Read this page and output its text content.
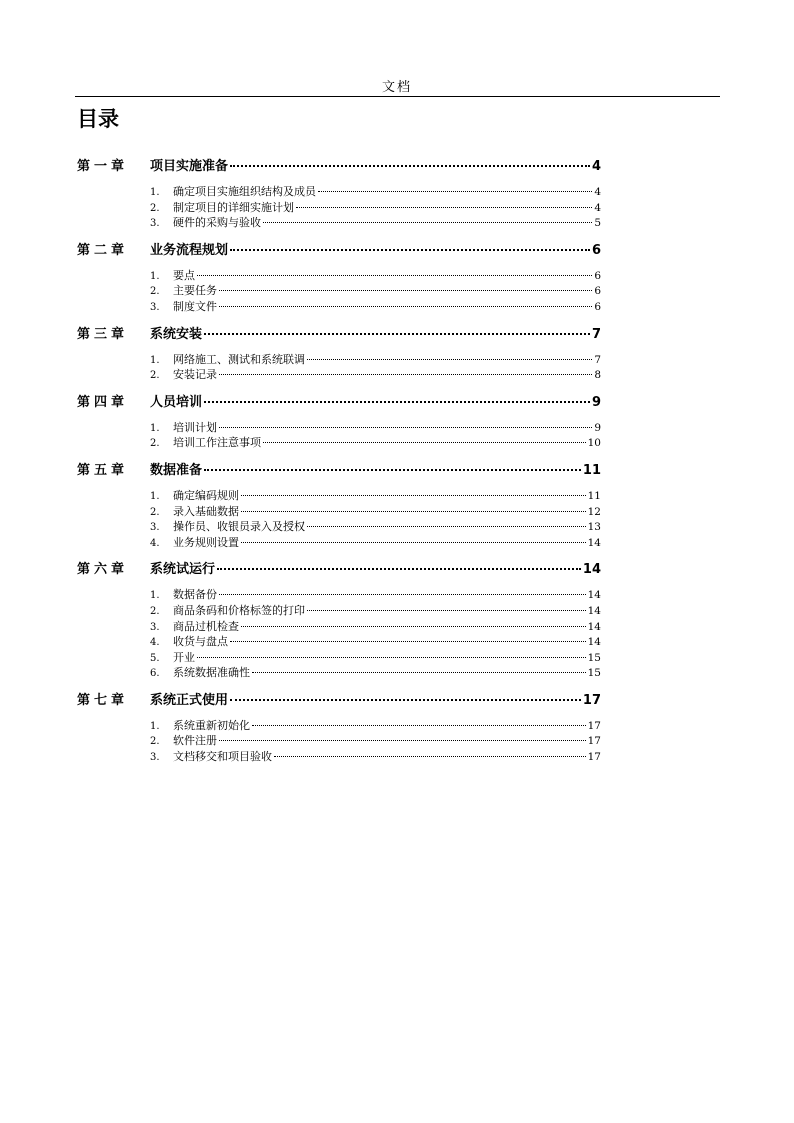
文档
目录
第一章	项目实施准备	4
1.	确定项目实施组织结构及成员	4
2.	制定项目的详细实施计划	4
3.	硬件的采购与验收	5
第二章	业务流程规划	6
1.	要点	6
2.	主要任务	6
3.	制度文件	6
第三章	系统安装	7
1.	网络施工、测试和系统联调	7
2.	安装记录	8
第四章	人员培训	9
1.	培训计划	9
2.	培训工作注意事项	10
第五章	数据准备	11
1.	确定编码规则	11
2.	录入基础数据	12
3.	操作员、收银员录入及授权	13
4.	业务规则设置	14
第六章	系统试运行	14
1.	数据备份	14
2.	商品条码和价格标签的打印	14
3.	商品过机检查	14
4.	收货与盘点	14
5.	开业	15
6.	系统数据准确性	15
第七章	系统正式使用	17
1.	系统重新初始化	17
2.	软件注册	17
3.	文档移交和项目验收	17
